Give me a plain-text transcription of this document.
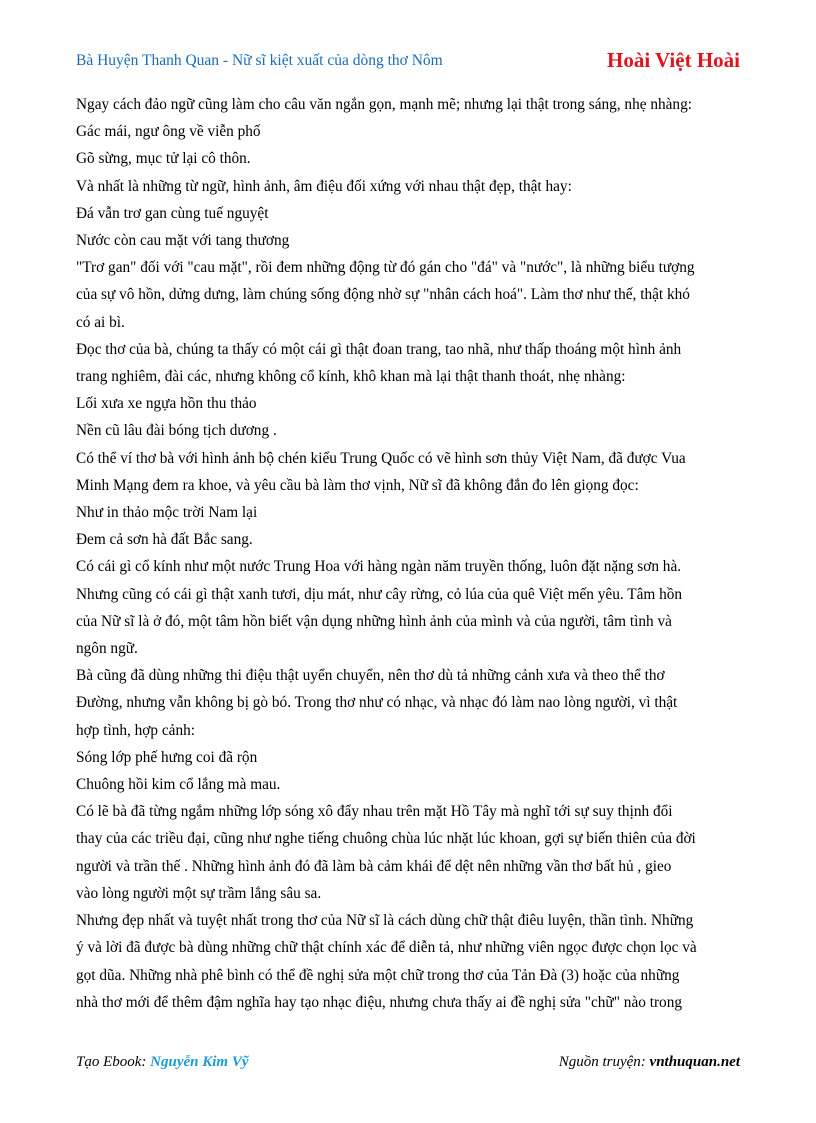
Bà Huyện Thanh Quan - Nữ sĩ kiệt xuất của dòng thơ Nôm	Hoài Việt Hoài

Ngay cách đảo ngữ cũng làm cho câu văn ngắn gọn, mạnh mẽ; nhưng lại thật trong sáng, nhẹ nhàng:

Gác mái, ngư ông về viễn phố

Gõ sừng, mục tử lại cô thôn.

Và nhất là những từ ngữ, hình ảnh, âm điệu đối xứng với nhau thật đẹp, thật hay:

Đá vẫn trơ gan cùng tuế nguyệt

Nước còn cau mặt với tang thương

"Trơ gan" đối với "cau mặt", rồi đem những động từ đó gán cho "đá" và "nước", là những biểu tượng

của sự vô hồn, dửng dưng, làm chúng sống động nhờ sự "nhân cách hoá". Làm thơ như thế, thật khó

có ai bì.

Đọc thơ của bà, chúng ta thấy có một cái gì thật đoan trang, tao nhã, như thấp thoáng một hình ảnh

trang nghiêm, đài các, nhưng không cổ kính, khô khan mà lại thật thanh thoát, nhẹ nhàng:

Lối xưa xe ngựa hồn thu thảo

Nền cũ lâu đài bóng tịch dương .

Có thể ví thơ bà với hình ảnh bộ chén kiểu Trung Quốc có vẽ hình sơn thủy Việt Nam, đã được Vua

Minh Mạng đem ra khoe, và yêu cầu bà làm thơ vịnh, Nữ sĩ đã không đắn đo lên giọng đọc:

Như in thảo mộc trời Nam lại

Đem cả sơn hà đất Bắc sang.

Có cái gì cổ kính như một nước Trung Hoa với hàng ngàn năm truyền thống, luôn đặt nặng sơn hà.

Nhưng cũng có cái gì thật xanh tươi, dịu mát, như cây rừng, cỏ lúa của quê Việt mến yêu. Tâm hồn

của Nữ sĩ là ở đó, một tâm hồn biết vận dụng những hình ảnh của mình và của người, tâm tình và

ngôn ngữ.

Bà cũng đã dùng những thi điệu thật uyển chuyển, nên thơ dù tả những cảnh xưa và theo thể thơ

Đường, nhưng vẫn không bị gò bó. Trong thơ như có nhạc, và nhạc đó làm nao lòng người, vì thật

hợp tình, hợp cảnh:

Sóng lớp phế hưng coi đã rộn

Chuông hồi kim cổ lắng mà mau.

Có lẽ bà đã từng ngắm những lớp sóng xô đẩy nhau trên mặt Hồ Tây mà nghĩ tới sự suy thịnh đổi

thay của các triều đại, cũng như nghe tiếng chuông chùa lúc nhặt lúc khoan, gợi sự biến thiên của đời

người và trần thế . Những hình ảnh đó đã làm bà cảm khái để dệt nên những vần thơ bất hủ , gieo

vào lòng người một sự trầm lắng sâu sa.

Nhưng đẹp nhất và tuyệt nhất trong thơ của Nữ sĩ là cách dùng chữ thật điêu luyện, thần tình. Những

ý và lời đã được bà dùng những chữ thật chính xác để diễn tả, như những viên ngọc được chọn lọc và

gọt dũa. Những nhà phê bình có thể đề nghị sửa một chữ trong thơ của Tản Đà (3) hoặc của những

nhà thơ mới để thêm đậm nghĩa hay tạo nhạc điệu, nhưng chưa thấy ai đề nghị sửa "chữ" nào trong

Tạo Ebook: Nguyễn Kim Vỹ	Nguồn truyện: vnthuquan.net
